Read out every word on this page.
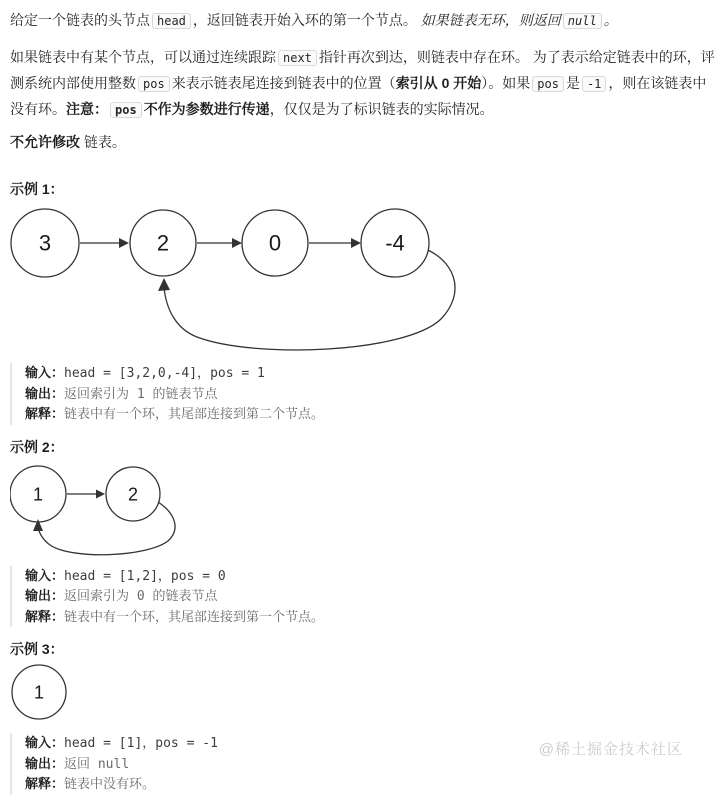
给定一个链表的头节点 head ，返回链表开始入环的第一个节点。 如果链表无环，则返回 null 。

如果链表中有某个节点，可以通过连续跟踪 next 指针再次到达，则链表中存在环。 为了表示给定链表中的环，评测系统内部使用整数 pos 来表示链表尾连接到链表中的位置（索引从 0 开始）。如果 pos 是 -1 ，则在该链表中没有环。注意： pos 不作为参数进行传递，仅仅是为了标识链表的实际情况。

不允许修改 链表。

示例 1：

3	2	0	-4
输入：head = [3,2,0,-4]，pos = 1
输出：返回索引为 1 的链表节点
解释：链表中有一个环，其尾部连接到第二个节点。

示例 2：

1	2
输入：head = [1,2]，pos = 0
输出：返回索引为 0 的链表节点
解释：链表中有一个环，其尾部连接到第一个节点。

示例 3：

1
输入：head = [1]，pos = -1
输出：返回 null
解释：链表中没有环。
@稀土掘金技术社区
